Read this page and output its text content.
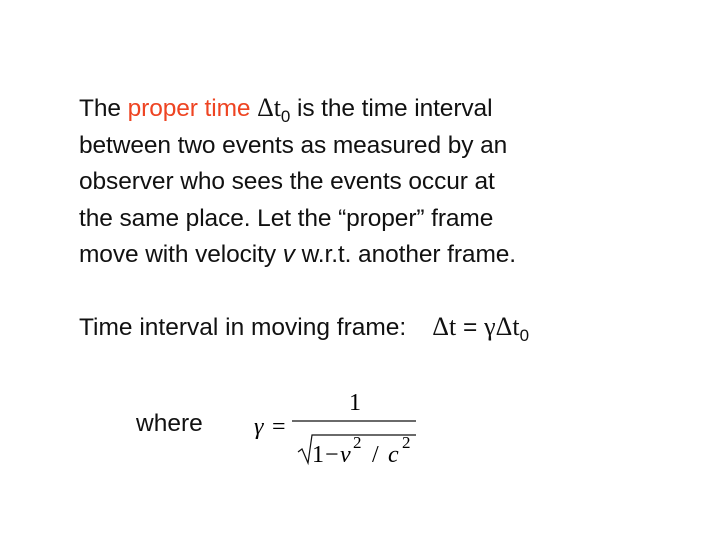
The proper time $\Delta t_0$ is the time interval
between two events as measured by an
observer who sees the events occur at
the same place. Let the “proper” frame
move with velocity v w.r.t. another frame.
Time interval in moving frame: Δt = γΔt$_0$
where γ =
1
1 − v 2 / c 2
